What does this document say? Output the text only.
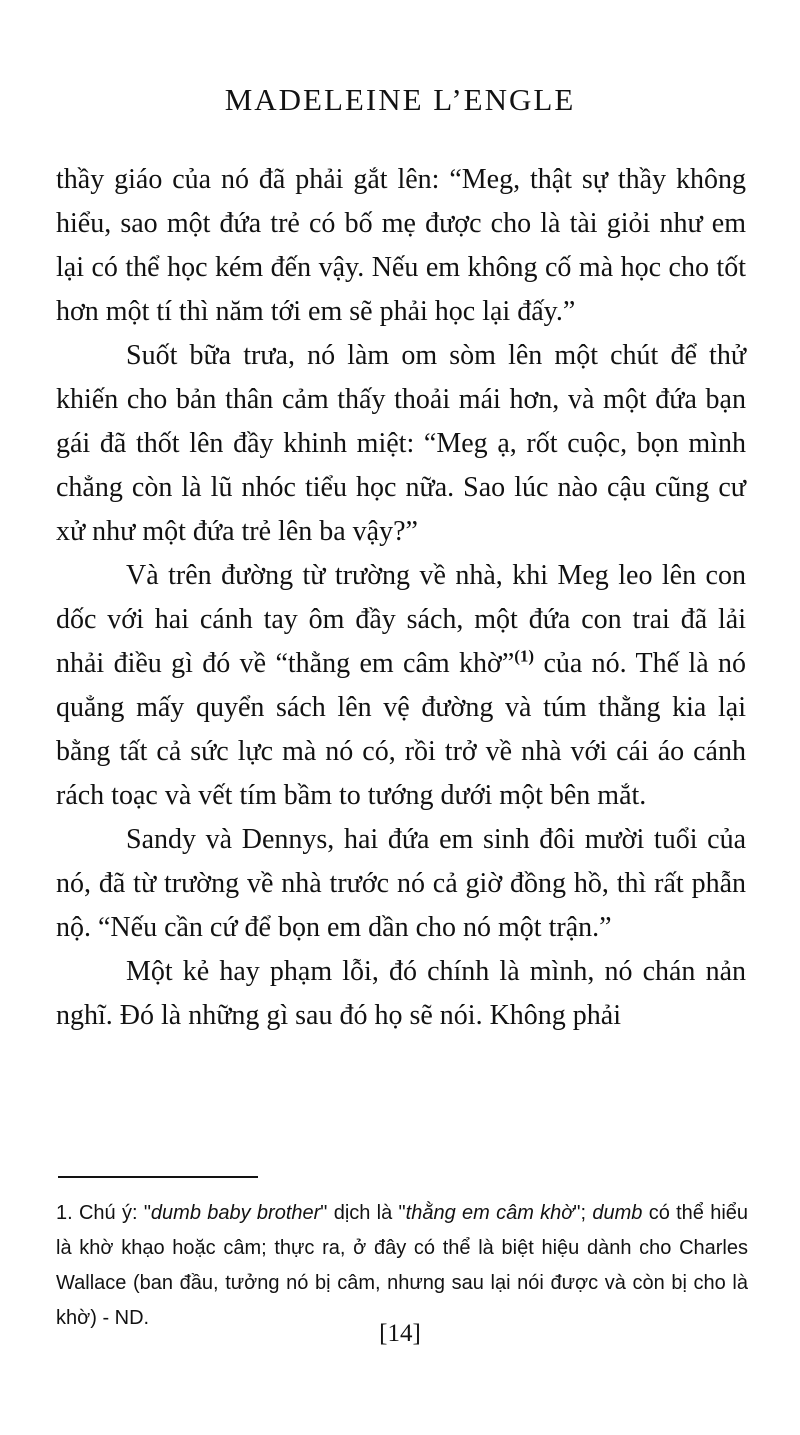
MADELEINE L’ENGLE

thầy giáo của nó đã phải gắt lên: “Meg, thật sự thầy không hiểu, sao một đứa trẻ có bố mẹ được cho là tài giỏi như em lại có thể học kém đến vậy. Nếu em không cố mà học cho tốt hơn một tí thì năm tới em sẽ phải học lại đấy.”

Suốt bữa trưa, nó làm om sòm lên một chút để thử khiến cho bản thân cảm thấy thoải mái hơn, và một đứa bạn gái đã thốt lên đầy khinh miệt: “Meg ạ, rốt cuộc, bọn mình chẳng còn là lũ nhóc tiểu học nữa. Sao lúc nào cậu cũng cư xử như một đứa trẻ lên ba vậy?”

Và trên đường từ trường về nhà, khi Meg leo lên con dốc với hai cánh tay ôm đầy sách, một đứa con trai đã lải nhải điều gì đó về “thằng em câm khờ”$^{(1)}$ của nó. Thế là nó quẳng mấy quyển sách lên vệ đường và túm thằng kia lại bằng tất cả sức lực mà nó có, rồi trở về nhà với cái áo cánh rách toạc và vết tím bầm to tướng dưới một bên mắt.

Sandy và Dennys, hai đứa em sinh đôi mười tuổi của nó, đã từ trường về nhà trước nó cả giờ đồng hồ, thì rất phẫn nộ. “Nếu cần cứ để bọn em dần cho nó một trận.”

Một kẻ hay phạm lỗi, đó chính là mình, nó chán nản nghĩ. Đó là những gì sau đó họ sẽ nói. Không phải

1. Chú ý: "dumb baby brother" dịch là "thằng em câm khờ"; dumb có thể hiểu là khờ khạo hoặc câm; thực ra, ở đây có thể là biệt hiệu dành cho Charles Wallace (ban đầu, tưởng nó bị câm, nhưng sau lại nói được và còn bị cho là khờ) - ND.
[14]
